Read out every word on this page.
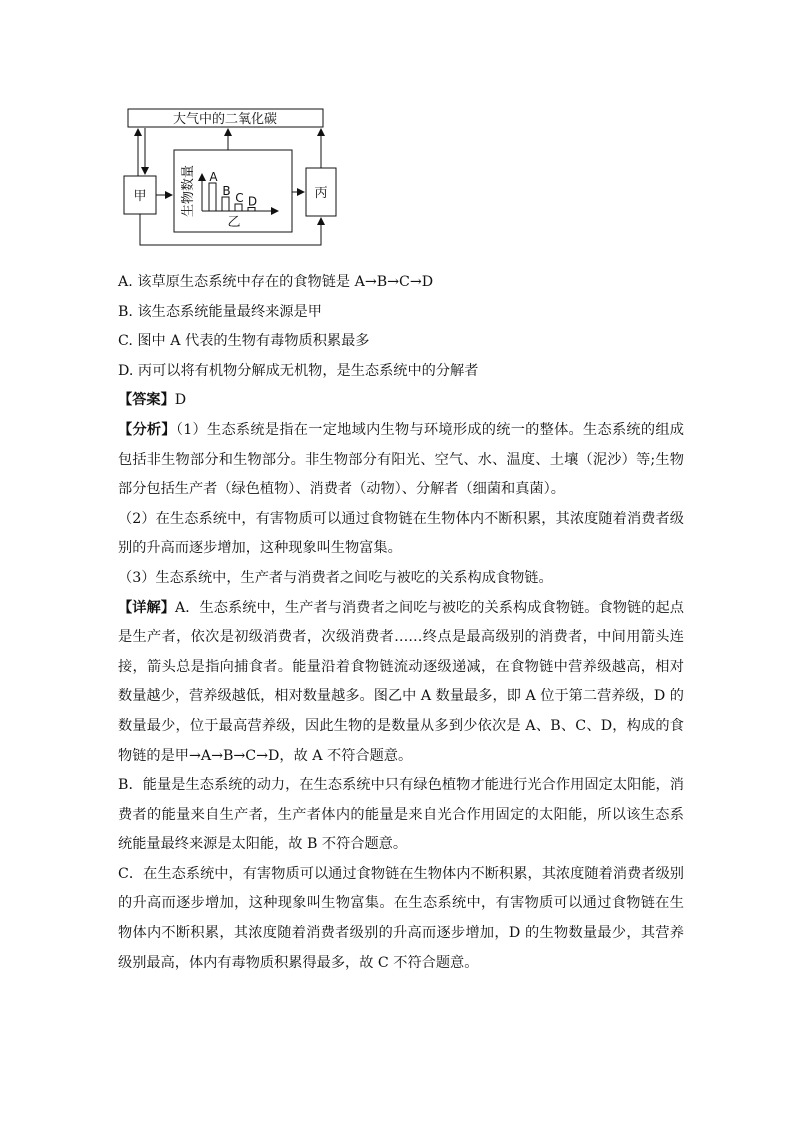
大气中的二氧化碳
甲	丙
生物数量 A
B C D
乙

A. 该草原生态系统中存在的食物链是 A→B→C→D

B. 该生态系统能量最终来源是甲

C. 图中 A 代表的生物有毒物质积累最多

D. 丙可以将有机物分解成无机物，是生态系统中的分解者

【答案】D

【分析】（1）生态系统是指在一定地域内生物与环境形成的统一的整体。生态系统的组成包括非生物部分和生物部分。非生物部分有阳光、空气、水、温度、土壤（泥沙）等;生物部分包括生产者（绿色植物）、消费者（动物）、分解者（细菌和真菌）。

（2）在生态系统中，有害物质可以通过食物链在生物体内不断积累，其浓度随着消费者级别的升高而逐步增加，这种现象叫生物富集。

（3）生态系统中，生产者与消费者之间吃与被吃的关系构成食物链。

【详解】A．生态系统中，生产者与消费者之间吃与被吃的关系构成食物链。食物链的起点是生产者，依次是初级消费者，次级消费者……终点是最高级别的消费者，中间用箭头连接，箭头总是指向捕食者。能量沿着食物链流动逐级递减，在食物链中营养级越高，相对数量越少，营养级越低，相对数量越多。图乙中 A 数量最多，即 A 位于第二营养级，D 的数量最少，位于最高营养级，因此生物的是数量从多到少依次是 A、B、C、D，构成的食物链的是甲→A→B→C→D，故 A 不符合题意。

B．能量是生态系统的动力，在生态系统中只有绿色植物才能进行光合作用固定太阳能，消费者的能量来自生产者，生产者体内的能量是来自光合作用固定的太阳能，所以该生态系统能量最终来源是太阳能，故 B 不符合题意。

C．在生态系统中，有害物质可以通过食物链在生物体内不断积累，其浓度随着消费者级别的升高而逐步增加，这种现象叫生物富集。在生态系统中，有害物质可以通过食物链在生物体内不断积累，其浓度随着消费者级别的升高而逐步增加，D 的生物数量最少，其营养级别最高，体内有毒物质积累得最多，故 C 不符合题意。
